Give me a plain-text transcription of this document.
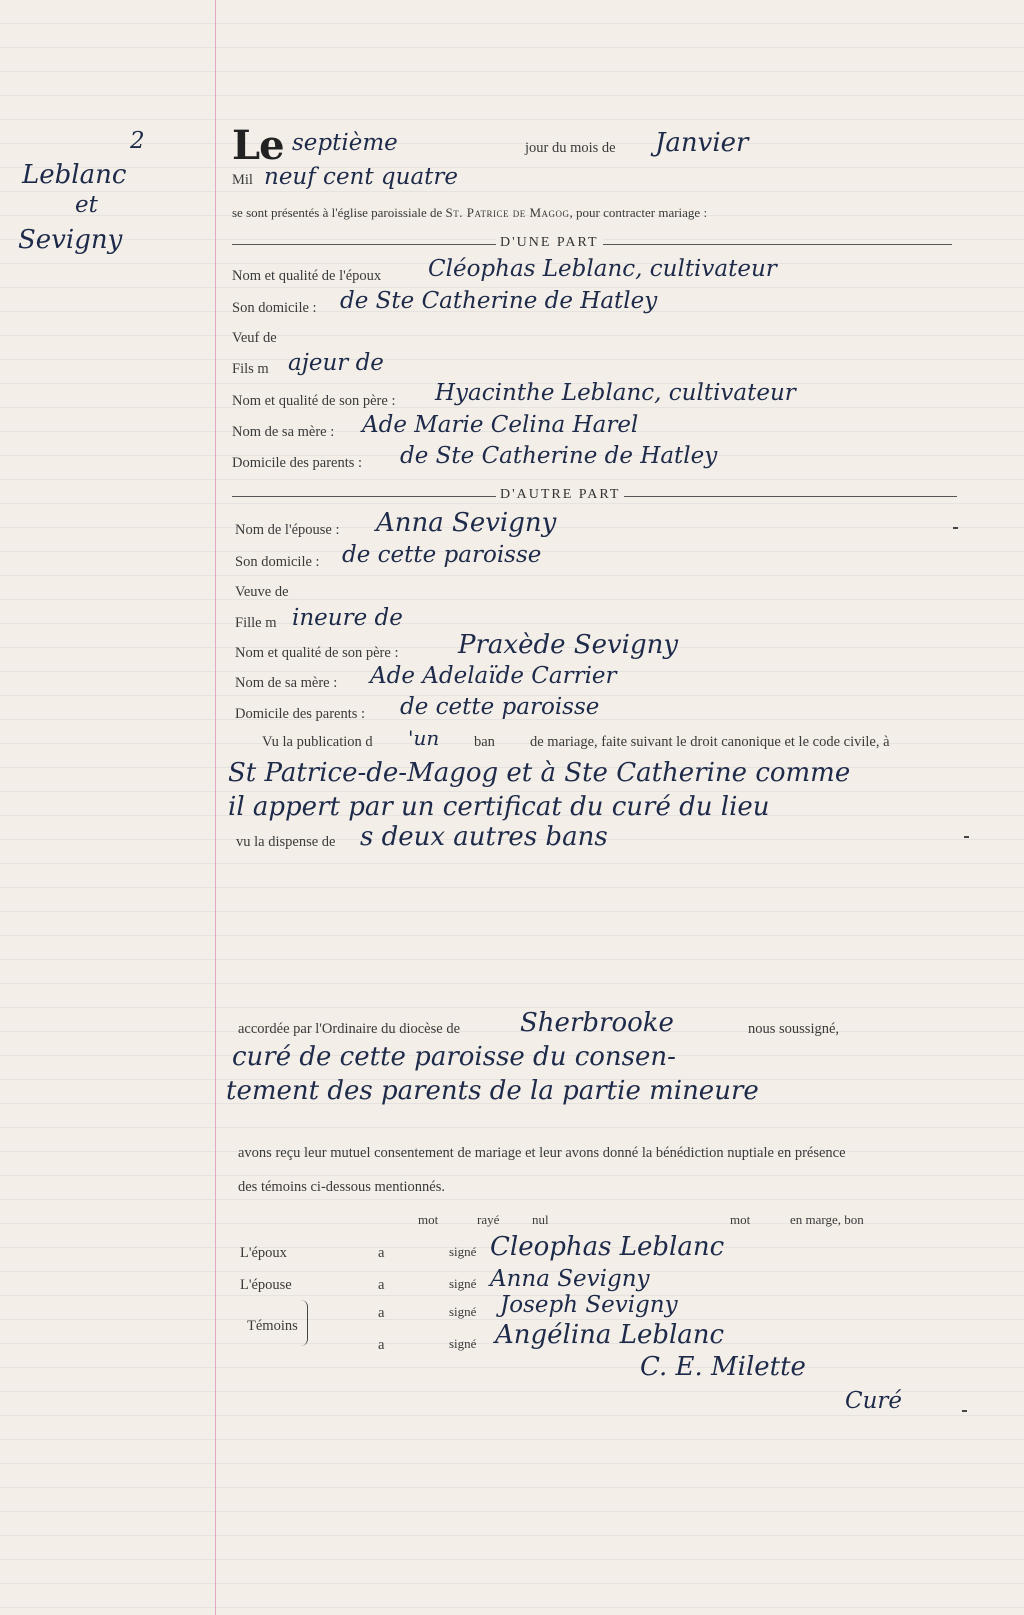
2
Leblanc
et
Sevigny
Le septième	jour du mois de Janvier
Mil neuf cent quatre
se sont présentés à l'église paroissiale de St. Patrice de Magog, pour contracter mariage :
D'UNE PART
Nom et qualité de l'époux Cléophas Leblanc, cultivateur
Son domicile : de Ste Catherine de Hatley
Veuf de
Fils m ajeur de
Nom et qualité de son père : Hyacinthe Leblanc, cultivateur
Nom de sa mère : Ade Marie Celina Harel
Domicile des parents : de Ste Catherine de Hatley
D'AUTRE PART
Nom de l'épouse : Anna Sevigny
Son domicile : de cette paroisse
Veuve de
Fille m ineure de
Nom et qualité de son père : Praxède Sevigny
Nom de sa mère : Ade Adelaïde Carrier
Domicile des parents : de cette paroisse
Vu la publication d 'un ban de mariage, faite suivant le droit canonique et le code civile, à
St Patrice-de-Magog et à Ste Catherine comme
il appert par un certificat du curé du lieu
vu la dispense de s deux autres bans
accordée par l'Ordinaire du diocèse de Sherbrooke	nous soussigné,
curé de cette paroisse du consen-
tement des parents de la partie mineure
avons reçu leur mutuel consentement de mariage et leur avons donné la bénédiction nuptiale en présence
des témoins ci-dessous mentionnés.
mot	rayé	nul	mot	en marge, bon
L'époux	a	signé Cleophas Leblanc
L'épouse	a	signé Anna Sevigny
a	signé Joseph Sevigny
Témoins
a	signé Angélina Leblanc
C. E. Milette
Curé
